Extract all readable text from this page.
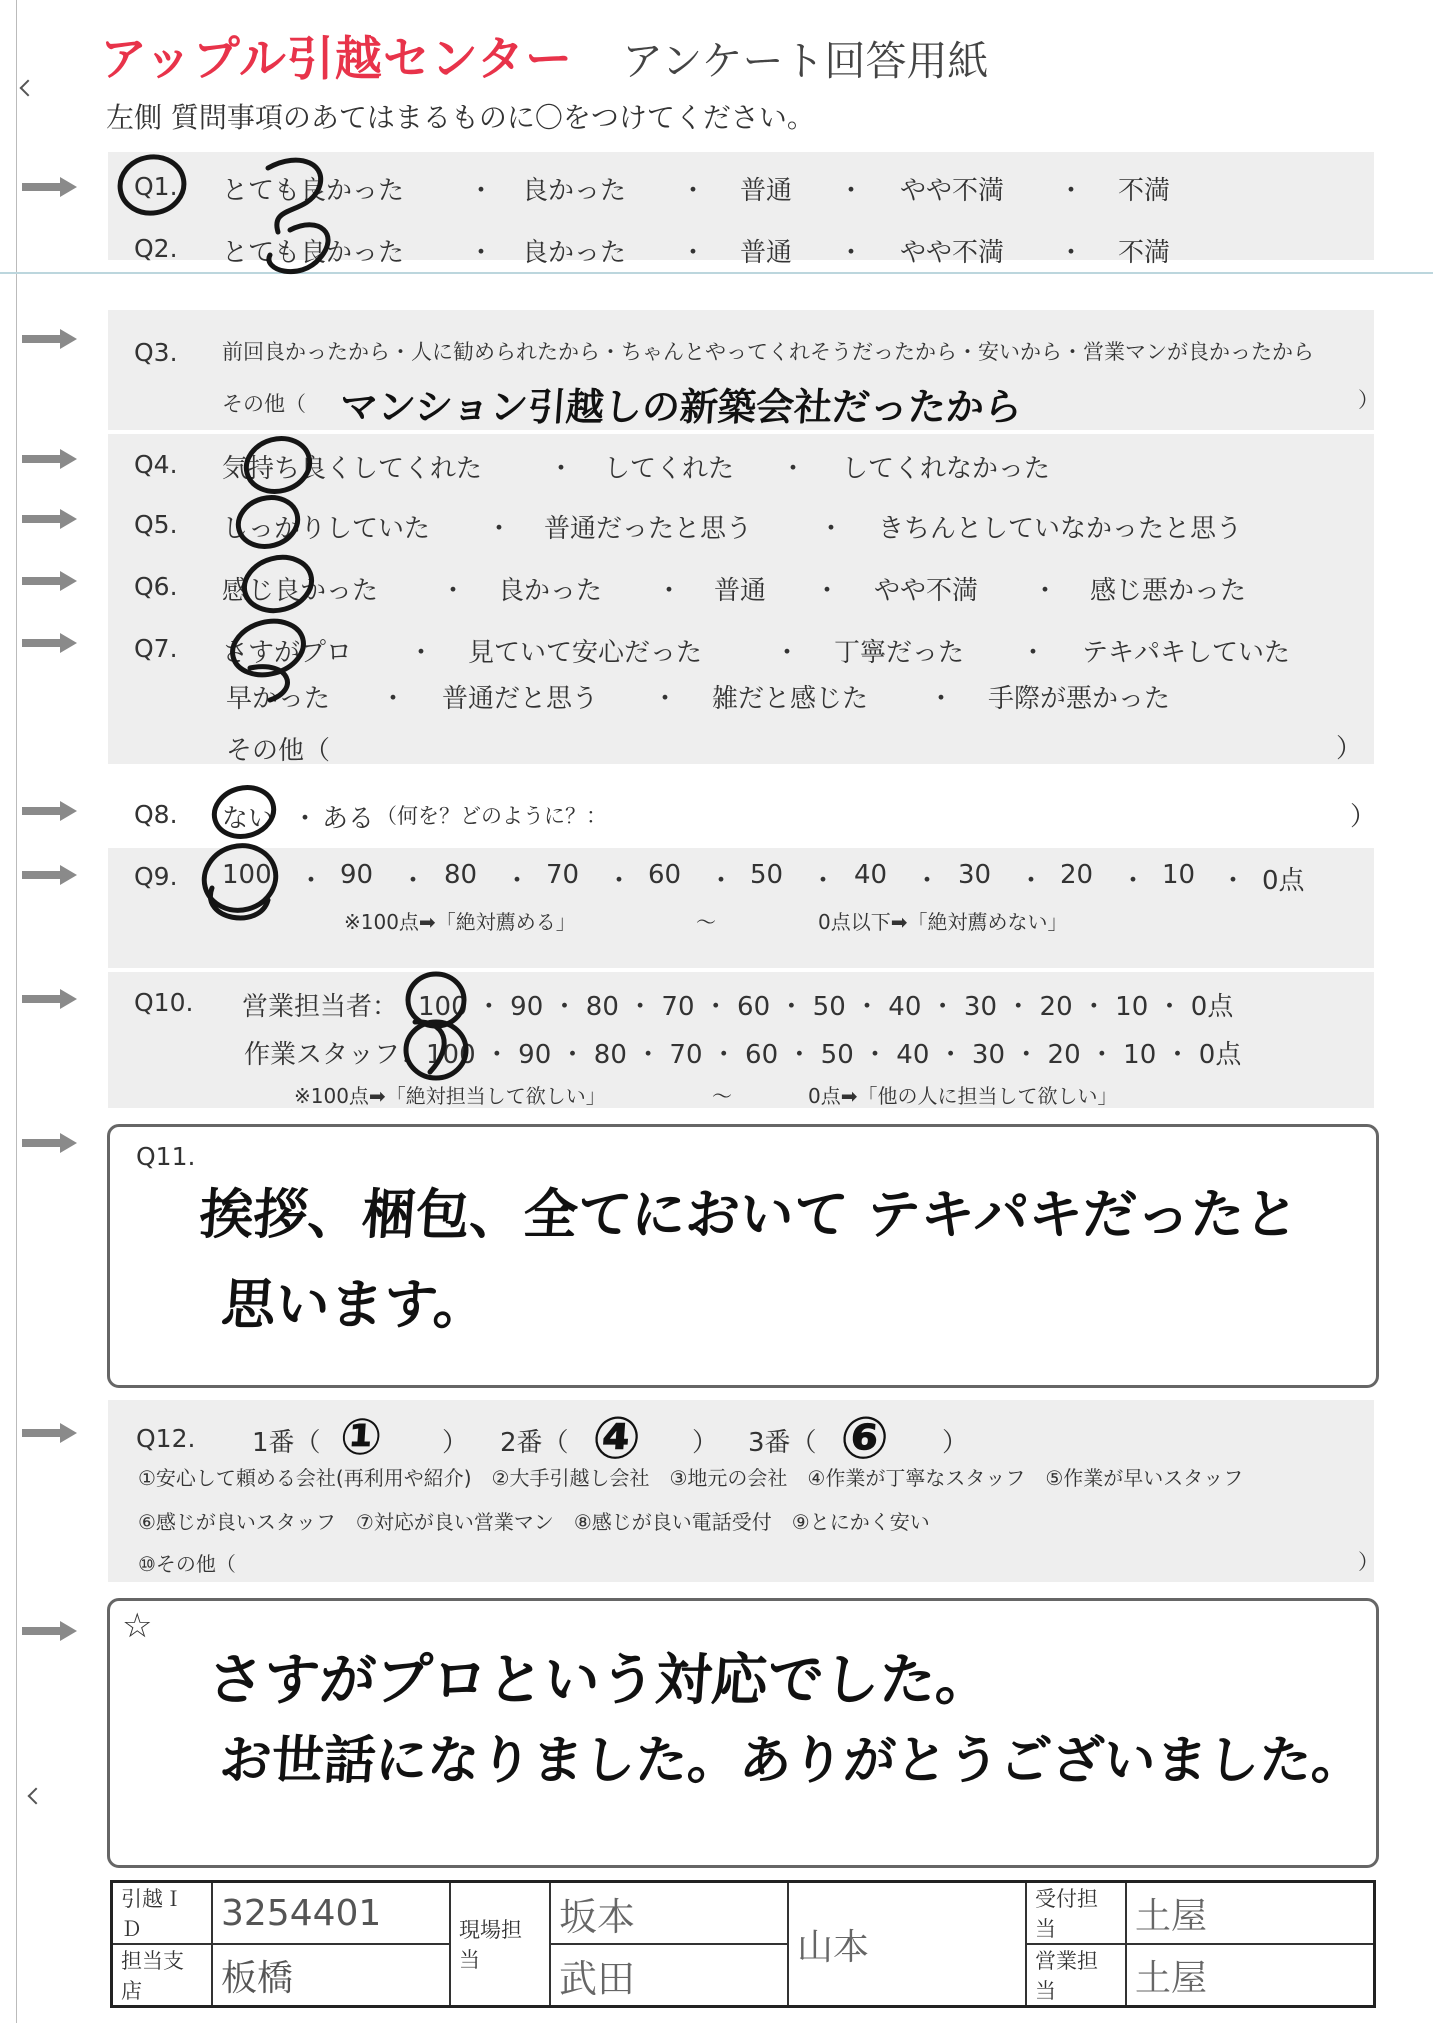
アップル引越センター アンケート回答用紙
左側 質問事項のあてはまるものに〇をつけてください。
Q1. とても良かった ・ 良かった ・ 普通 ・ やや不満 ・ 不満
Q2. とても良かった ・ 良かった ・ 普通 ・ やや不満 ・ 不満
Q3. 前回良かったから・人に勧められたから・ちゃんとやってくれそうだったから・安いから・営業マンが良かったから
その他（	）
マンション引越しの新築会社だったから
Q4. 気持ち良くしてくれた	・ してくれた ・ してくれなかった
Q5. しっかりしていた ・ 普通だったと思う	・ きちんとしていなかったと思う
Q6. 感じ良かった ・ 良かった ・ 普通 ・ やや不満 ・ 感じ悪かった
Q7. さすがプロ ・ 見ていて安心だった	・ 丁寧だった ・ テキパキしていた
早かった ・ 普通だと思う ・ 雑だと感じた ・ 手際が悪かった
その他（	）
Q8. ない ・ ある （何を？どのように？：	）
Q9. 100 ・ 90 ・ 80 ・ 70 ・ 60 ・ 50 ・ 40 ・ 30 ・ 20 ・ 10 ・ 0点
※100点➡「絶対薦める」	～	0点以下➡「絶対薦めない」
Q10. 営業担当者： 100 ・ 90 ・ 80 ・ 70 ・ 60 ・ 50 ・ 40 ・ 30 ・ 20 ・ 10 ・ 0点
作業スタッフ： 100 ・ 90 ・ 80 ・ 70 ・ 60 ・ 50 ・ 40 ・ 30 ・ 20 ・ 10 ・ 0点
※100点➡「絶対担当して欲しい」	～	0点➡「他の人に担当して欲しい」
Q11.
挨拶、梱包、全てにおいて テキパキだったと
思います。
Q12. 1番（ ① ） 2番（ ④ ） 3番（ ⑥ ）
①安心して頼める会社(再利用や紹介)　②大手引越し会社　③地元の会社　④作業が丁寧なスタッフ　⑤作業が早いスタッフ
⑥感じが良いスタッフ　⑦対応が良い営業マン　⑧感じが良い電話受付　⑨とにかく安い
⑩その他（	）
☆
さすがプロという対応でした。
お世話になりました。ありがとうございました。
引越ＩＤ	3254401	現場担当	坂本	山本	受付担当	土屋
担当支店	板橋		武田		営業担当	土屋
